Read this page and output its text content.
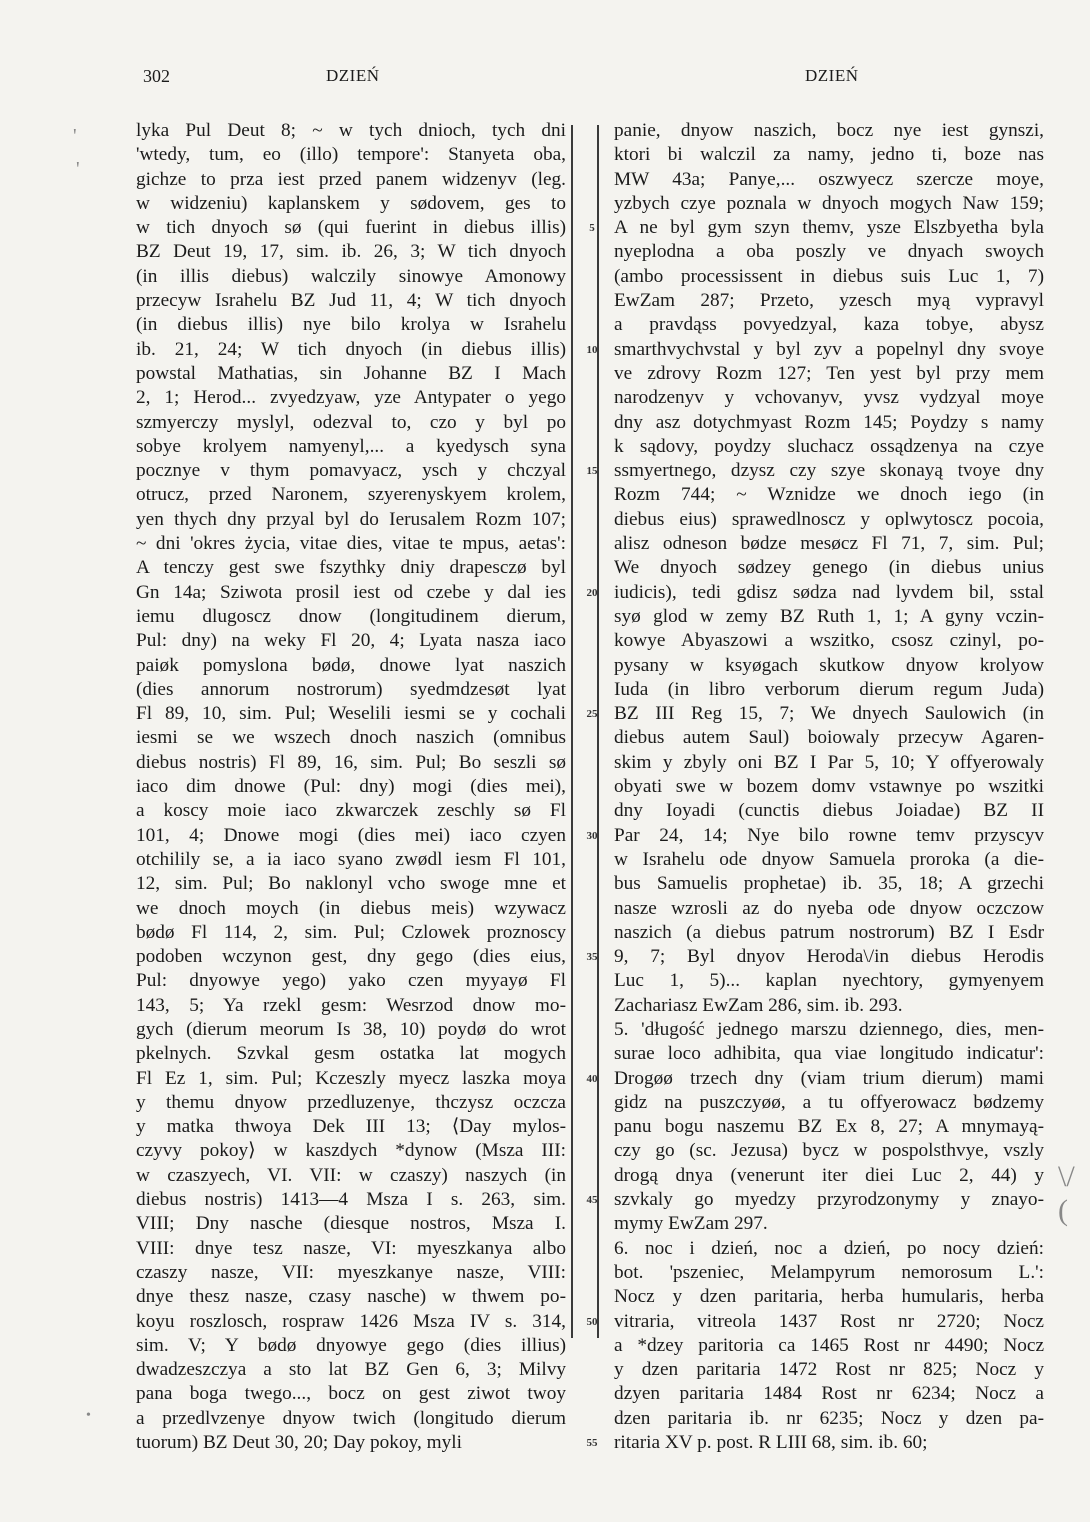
302	DZIEŃ	DZIEŃ
lyka Pul Deut 8; ~ w tych dnioch, tych dni
'wtedy, tum, eo (illo) tempore': Stanyeta oba,
gichze to prza iest przed panem widzenyv (leg.
w widzeniu) kaplanskem y sødovem, ges to
w tich dnyoch sø (qui fuerint in diebus illis)
BZ Deut 19, 17, sim. ib. 26, 3; W tich dnyoch
(in illis diebus) walczily sinowye Amonowy
przecyw Israhelu BZ Jud 11, 4; W tich dnyoch
(in diebus illis) nye bilo krolya w Israhelu
ib. 21, 24; W tich dnyoch (in diebus illis)
powstal Mathatias, sin Johanne BZ I Mach
2, 1; Herod... zvyedzyaw, yze Antypater o yego
szmyerczy myslyl, odezval to, czo y byl po
sobye krolyem namyenyl,... a kyedysch syna
pocznye v thym pomavyacz, ysch y chczyal
otrucz, przed Naronem, szyerenyskyem krolem,
yen thych dny przyal byl do Ierusalem Rozm 107;
~ dni 'okres życia, vitae dies, vitae te mpus, aetas':
A tenczy gest swe fszythky dniy drapesczø byl
Gn 14a; Sziwota prosil iest od czebe y dal ies
iemu dlugoscz dnow (longitudinem dierum,
Pul: dny) na weky Fl 20, 4; Lyata nasza iaco
paiøk pomyslona bødø, dnowe lyat naszich
(dies annorum nostrorum) syedmdzesøt lyat
Fl 89, 10, sim. Pul; Weselili iesmi se y cochali
iesmi se we wszech dnoch naszich (omnibus
diebus nostris) Fl 89, 16, sim. Pul; Bo seszli sø
iaco dim dnowe (Pul: dny) mogi (dies mei),
a koscy moie iaco zkwarczek zeschly sø Fl
101, 4; Dnowe mogi (dies mei) iaco czyen
otchilily se, a ia iaco syano zwødl iesm Fl 101,
12, sim. Pul; Bo naklonyl vcho swoge mne et
we dnoch moych (in diebus meis) wzywacz
bødø Fl 114, 2, sim. Pul; Czlowek proznoscy
podoben wczynon gest, dny gego (dies eius,
Pul: dnyowye yego) yako czen myyayø Fl
143, 5; Ya rzekl gesm: Wesrzod dnow mo-
gych (dierum meorum Is 38, 10) poydø do wrot
pkelnych. Szvkal gesm ostatka lat mogych
Fl Ez 1, sim. Pul; Kczeszly myecz laszka moya
y themu dnyow przedluzenye, thczysz oczcza
y matka thwoya Dek III 13; ⟨Day mylos-
czyvy pokoy⟩ w kaszdych *dynow (Msza III:
w czaszyech, VI. VII: w czaszy) naszych (in
diebus nostris) 1413—4 Msza I s. 263, sim.
VIII; Dny nasche (diesque nostros, Msza I.
VIII: dnye tesz nasze, VI: myeszkanya albo
czaszy nasze, VII: myeszkanye nasze, VIII:
dnye thesz nasze, czasy nasche) w thwem po-
koyu roszlosch, rospraw 1426 Msza IV s. 314,
sim. V; Y bødø dnyowye gego (dies illius)
dwadzeszczya a sto lat BZ Gen 6, 3; Milvy
pana boga twego..., bocz on gest ziwot twoy
a przedlvzenye dnyow twich (longitudo dierum
tuorum) BZ Deut 30, 20; Day pokoy, myli
panie, dnyow naszich, bocz nye iest gynszi,
ktori bi walczil za namy, jedno ti, boze nas
MW 43a; Panye,... oszwyecz szercze moye,
yzbych czye poznala w dnyoch mogych Naw 159;
A ne byl gym szyn themv, ysze Elszbyetha byla
nyeplodna a oba poszly ve dnyach swoych
(ambo processissent in diebus suis Luc 1, 7)
EwZam 287; Przeto, yzesch myą vypravyl
a pravdąss povyedzyal, kaza tobye, abysz
smarthvychvstal y byl zyv a popelnyl dny svoye
ve zdrovy Rozm 127; Ten yest byl przy mem
narodzenyv y vchovanyv, yvsz vydzyal moye
dny asz dotychmyast Rozm 145; Poydzy s namy
k sądovy, poydzy sluchacz ossądzenya na czye
ssmyertnego, dzysz czy szye skonayą tvoye dny
Rozm 744; ~ Wznidze we dnoch iego (in
diebus eius) sprawedlnoscz y oplwytoscz pocoia,
alisz odneson bødze mesøcz Fl 71, 7, sim. Pul;
We dnyoch sødzey genego (in diebus unius
iudicis), tedi gdisz sødza nad lyvdem bil, sstal
syø glod w zemy BZ Ruth 1, 1; A gyny vczin-
kowye Abyaszowi a wszitko, csosz czinyl, po-
pysany w ksyøgach skutkow dnyow krolyow
Iuda (in libro verborum dierum regum Juda)
BZ III Reg 15, 7; We dnyech Saulowich (in
diebus autem Saul) boiowaly przecyw Agaren-
skim y zbyly oni BZ I Par 5, 10; Y offyerowaly
obyati swe w bozem domv vstawnye po wszitki
dny Ioyadi (cunctis diebus Joiadae) BZ II
Par 24, 14; Nye bilo rowne temv przyscyv
w Israhelu ode dnyow Samuela proroka (a die-
bus Samuelis prophetae) ib. 35, 18; A grzechi
nasze wzrosli az do nyeba ode dnyow oczczow
naszich (a diebus patrum nostrorum) BZ I Esdr
9, 7; Byl dnyov Heroda\/in diebus Herodis
Luc 1, 5)... kaplan nyechtory, gymyenyem
Zachariasz EwZam 286, sim. ib. 293.
5. 'długość jednego marszu dziennego, dies, men-
surae loco adhibita, qua viae longitudo indicatur':
Drogøø trzech dny (viam trium dierum) mami
gidz na puszczyøø, a tu offyerowacz bødzemy
panu bogu naszemu BZ Ex 8, 27; A mnymayą-
czy go (sc. Jezusa) bycz w pospolsthvye, vszly
drogą dnya (venerunt iter diei Luc 2, 44) y
szvkaly go myedzy przyrodzonymy y znayo-
mymy EwZam 297.
6. noc i dzień, noc a dzień, po nocy dzień:
bot. 'pszeniec, Melampyrum nemorosum L.':
Nocz y dzen paritaria, herba humularis, herba
vitraria, vitreola 1437 Rost nr 2720; Nocz
a *dzey paritoria ca 1465 Rost nr 4490; Nocz
y dzen paritaria 1472 Rost nr 825; Nocz y
dzyen paritaria 1484 Rost nr 6234; Nocz a
dzen paritaria ib. nr 6235; Nocz y dzen pa-
ritaria XV p. post. R LIII 68, sim. ib. 60;
5
10
15
20
25
30
35
40
45
50
55
'
'
•
\/ (
